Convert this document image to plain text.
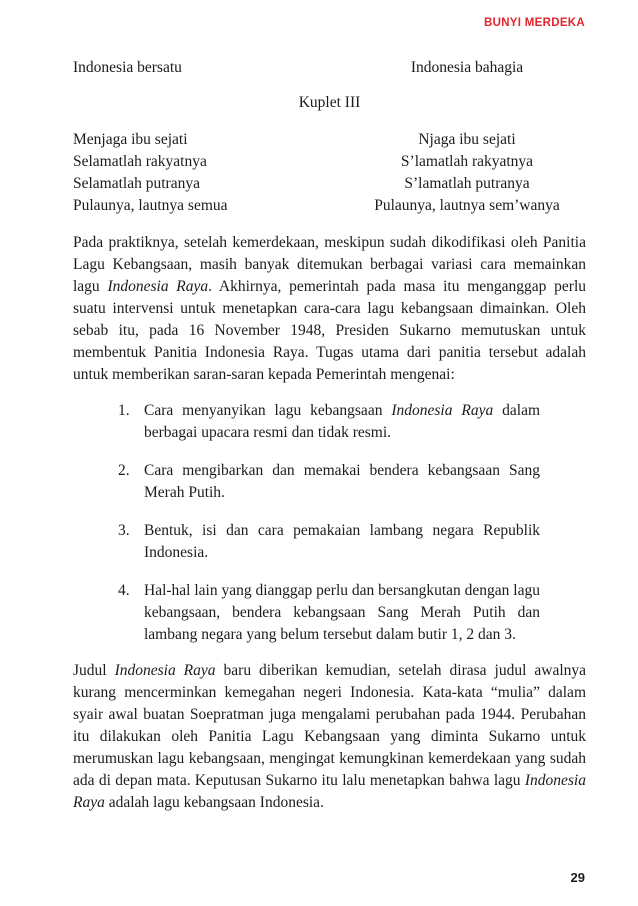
BUNYI MERDEKA
Indonesia bersatu	Indonesia bahagia
Kuplet III
Menjaga ibu sejati	Njaga ibu sejati
Selamatlah rakyatnya	S’lamatlah rakyatnya
Selamatlah putranya	S’lamatlah putranya
Pulaunya, lautnya semua	Pulaunya, lautnya sem’wanya

Pada praktiknya, setelah kemerdekaan, meskipun sudah dikodifikasi oleh Panitia Lagu Kebangsaan, masih banyak ditemukan berbagai variasi cara memainkan lagu Indonesia Raya. Akhirnya, pemerintah pada masa itu menganggap perlu suatu intervensi untuk menetapkan cara-cara lagu kebangsaan dimainkan. Oleh sebab itu, pada 16 November 1948, Presiden Sukarno memutuskan untuk membentuk Panitia Indonesia Raya. Tugas utama dari panitia tersebut adalah untuk memberikan saran-saran kepada Pemerintah mengenai:

1. Cara menyanyikan lagu kebangsaan Indonesia Raya dalam berbagai upacara resmi dan tidak resmi.
2. Cara mengibarkan dan memakai bendera kebangsaan Sang Merah Putih.
3. Bentuk, isi dan cara pemakaian lambang negara Republik Indonesia.
4. Hal-hal lain yang dianggap perlu dan bersangkutan dengan lagu kebangsaan, bendera kebangsaan Sang Merah Putih dan lambang negara yang belum tersebut dalam butir 1, 2 dan 3.

Judul Indonesia Raya baru diberikan kemudian, setelah dirasa judul awalnya kurang mencerminkan kemegahan negeri Indonesia. Kata-kata “mulia” dalam syair awal buatan Soepratman juga mengalami perubahan pada 1944. Perubahan itu dilakukan oleh Panitia Lagu Kebangsaan yang diminta Sukarno untuk merumuskan lagu kebangsaan, mengingat kemungkinan kemerdekaan yang sudah ada di depan mata. Keputusan Sukarno itu lalu menetapkan bahwa lagu Indonesia Raya adalah lagu kebangsaan Indonesia.

29
